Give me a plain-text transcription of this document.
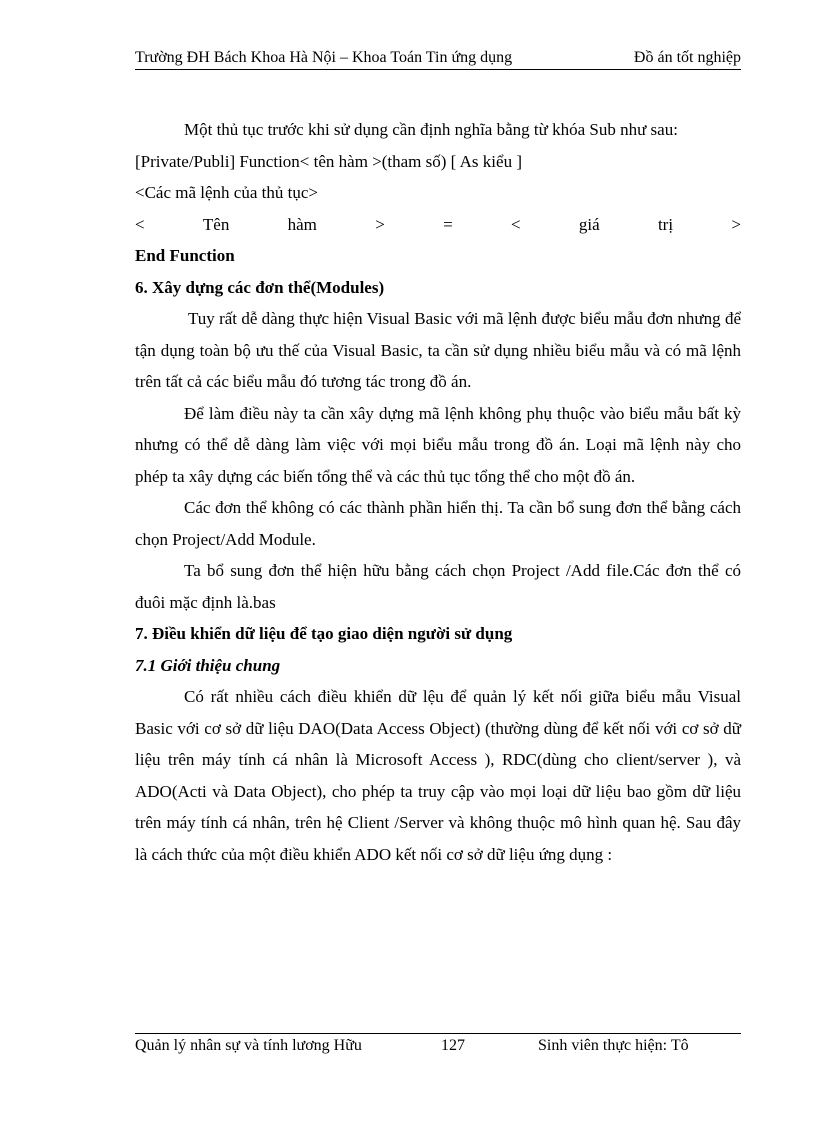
Trường ĐH Bách Khoa Hà Nội – Khoa Toán Tin ứng dụng	Đồ án tốt nghiệp

Một thủ tục trước khi sử dụng cần định nghĩa bằng từ khóa Sub như sau:

[Private/Publi] Function< tên hàm >(tham số) [ As kiểu ]

<Các mã lệnh của thủ tục>

<	Tên	hàm	>	=	<	giá	trị	>

End Function

6. Xây dựng các đơn thể(Modules)

Tuy rất dễ dàng thực hiện Visual Basic với mã lệnh được biểu mẫu đơn nhưng để tận dụng toàn bộ ưu thế của Visual Basic, ta cần sử dụng nhiều biểu mẫu và có mã lệnh trên tất cả các biểu mẫu đó tương tác trong đồ án.

Để làm điều này ta cần xây dựng mã lệnh không phụ thuộc vào biểu mẫu bất kỳ nhưng có thể dễ dàng làm việc với mọi biểu mẫu trong đồ án. Loại mã lệnh này cho phép ta xây dựng các biến tổng thể và các thủ tục tổng thể cho một đồ án.

Các đơn thể không có các thành phần hiển thị. Ta cần bổ sung đơn thể bằng cách chọn Project/Add Module.

Ta bổ sung đơn thể hiện hữu bằng cách chọn Project /Add file.Các đơn thể có đuôi mặc định là.bas

7. Điều khiển dữ liệu để tạo giao diện người sử dụng

7.1 Giới thiệu chung

Có rất nhiều cách điều khiển dữ lệu để quản lý kết nối giữa biểu mẫu Visual Basic với cơ sở dữ liệu DAO(Data Access Object) (thường dùng để kết nối với cơ sở dữ liệu trên máy tính cá nhân là Microsoft Access ), RDC(dùng cho client/server ), và ADO(Acti và Data Object), cho phép ta truy cập vào mọi loại dữ liệu bao gồm dữ liệu trên máy tính cá nhân, trên hệ Client /Server và không thuộc mô hình quan hệ. Sau đây là cách thức của một điều khiển ADO kết nối cơ sở dữ liệu ứng dụng :

Quản lý nhân sự và tính lương Hữu	127	Sinh viên thực hiện: Tô
